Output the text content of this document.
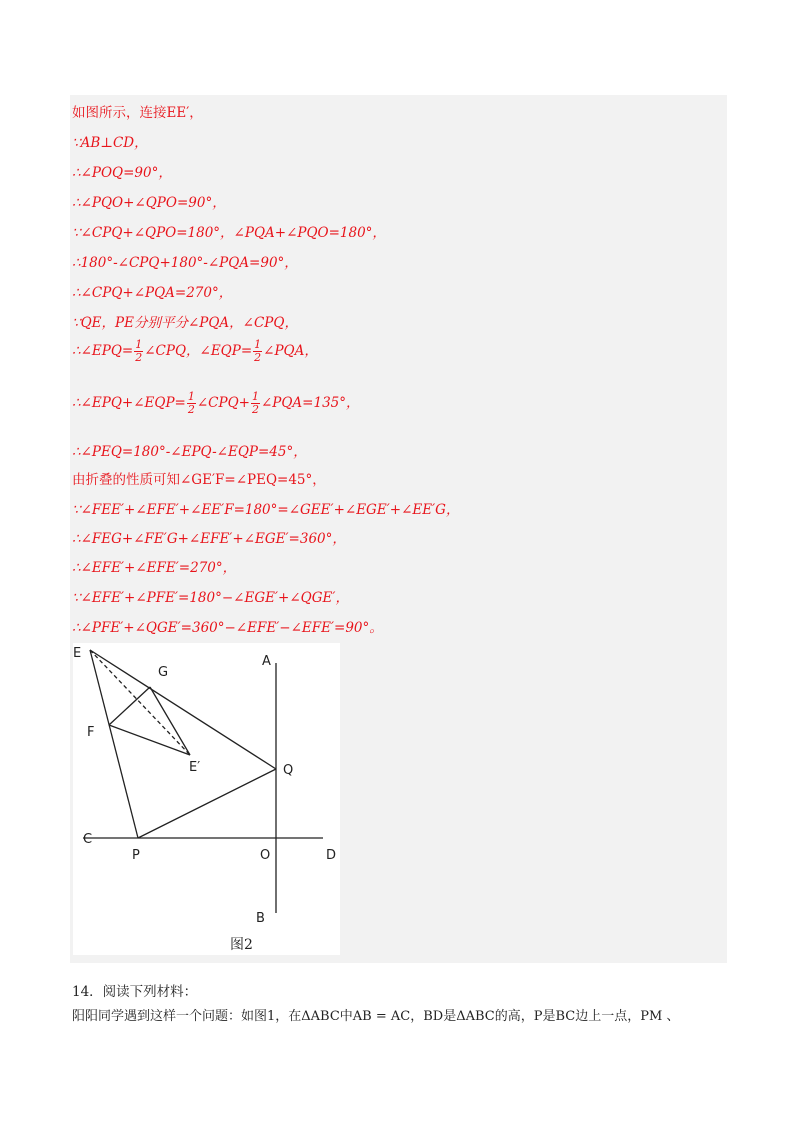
如图所示，连接EE′，
∵AB⊥CD，
∴∠POQ=90°，
∴∠PQO+∠QPO=90°，
∵∠CPQ+∠QPO=180°，∠PQA+∠PQO=180°，
∴180°-∠CPQ+180°-∠PQA=90°，
∴∠CPQ+∠PQA=270°，
∵QE，PE分别平分∠PQA，∠CPQ，
∴∠EPQ= $\frac{1}{2}$ ∠CPQ，∠EQP= $\frac{1}{2}$ ∠PQA，
∴∠EPQ+∠EQP= $\frac{1}{2}$ ∠CPQ+ $\frac{1}{2}$ ∠PQA=135°，
∴∠PEQ=180°-∠EPQ-∠EQP=45°，
由折叠的性质可知∠GE′F=∠PEQ=45°，
∵∠FEE′+∠EFE′+∠EE′F=180°=∠GEE′+∠EGE′+∠EE′G，
∴∠FEG+∠FE′G+∠EFE′+∠EGE′=360°，
∴∠EFE′+∠EFE′=270°，
∵∠EFE′+∠PFE′=180°−∠EGE′+∠QGE′，
∴∠PFE′+∠QGE′=360°−∠EFE′−∠EFE′=90°。
E
G
F
E′	Q
A
C
P	O	D
B
图2
14．阅读下列材料：
阳阳同学遇到这样一个问题：如图1，在ΔABC中AB = AC，BD是ΔABC的高，P是BC边上一点，PM 、
